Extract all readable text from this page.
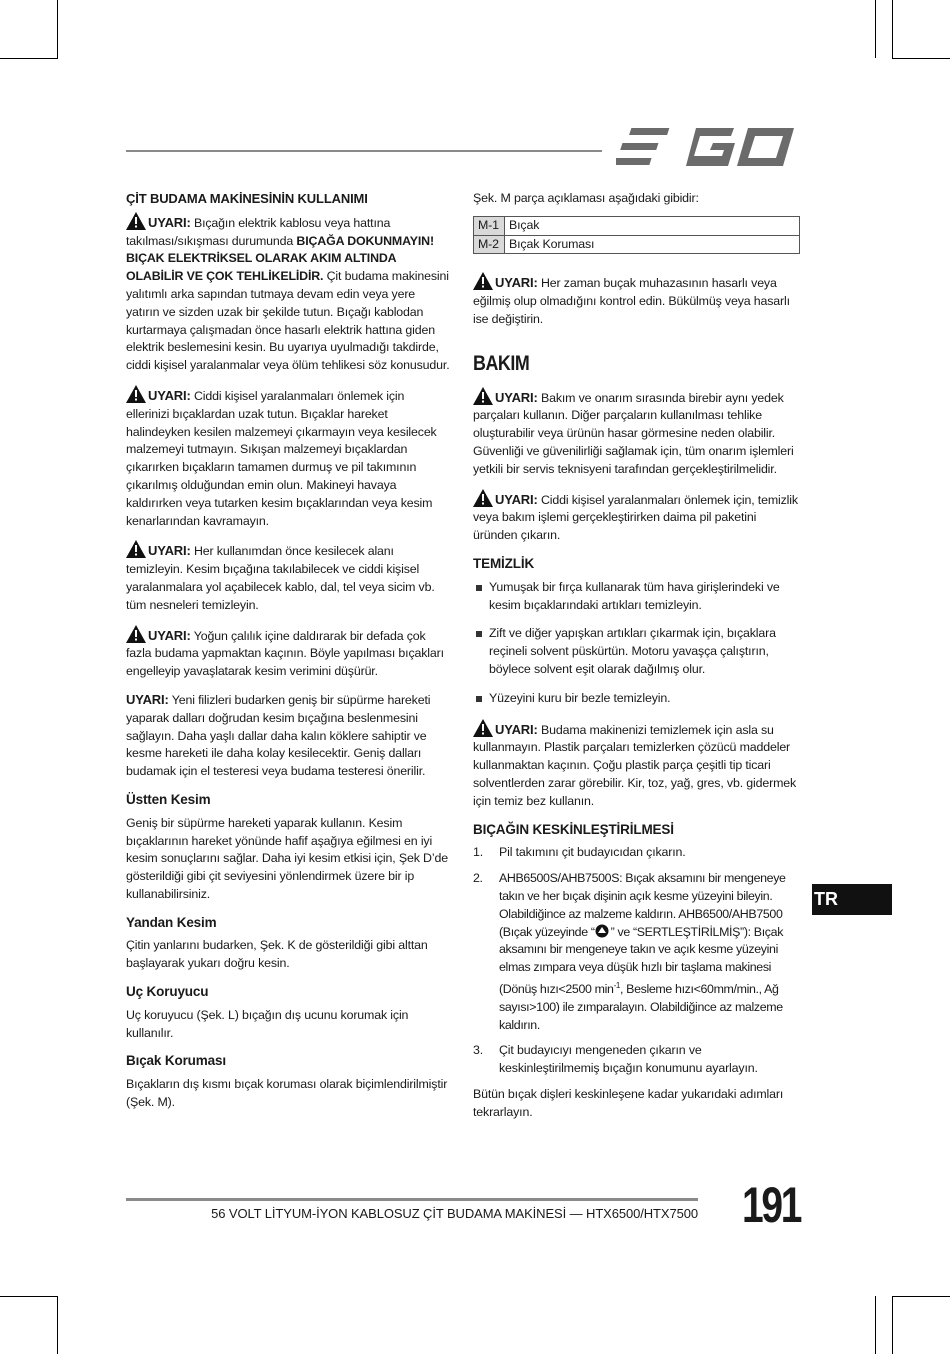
ÇİT BUDAMA MAKİNESİNİN KULLANIMI

UYARI: Bıçağın elektrik kablosu veya hattına takılması/sıkışması durumunda BIÇAĞA DOKUNMAYIN! BIÇAK ELEKTRİKSEL OLARAK AKIM ALTINDA OLABİLİR VE ÇOK TEHLİKELİDİR. Çit budama makinesini yalıtımlı arka sapından tutmaya devam edin veya yere yatırın ve sizden uzak bir şekilde tutun. Bıçağı kablodan kurtarmaya çalışmadan önce hasarlı elektrik hattına giden elektrik beslemesini kesin. Bu uyarıya uyulmadığı takdirde, ciddi kişisel yaralanmalar veya ölüm tehlikesi söz konusudur.

UYARI: Ciddi kişisel yaralanmaları önlemek için ellerinizi bıçaklardan uzak tutun. Bıçaklar hareket halindeyken kesilen malzemeyi çıkarmayın veya kesilecek malzemeyi tutmayın. Sıkışan malzemeyi bıçaklardan çıkarırken bıçakların tamamen durmuş ve pil takımının çıkarılmış olduğundan emin olun. Makineyi havaya kaldırırken veya tutarken kesim bıçaklarından veya kesim kenarlarından kavramayın.

UYARI: Her kullanımdan önce kesilecek alanı temizleyin. Kesim bıçağına takılabilecek ve ciddi kişisel yaralanmalara yol açabilecek kablo, dal, tel veya sicim vb. tüm nesneleri temizleyin.

UYARI: Yoğun çalılık içine daldırarak bir defada çok fazla budama yapmaktan kaçının. Böyle yapılması bıçakları engelleyip yavaşlatarak kesim verimini düşürür.

UYARI: Yeni filizleri budarken geniş bir süpürme hareketi yaparak dalları doğrudan kesim bıçağına beslenmesini sağlayın. Daha yaşlı dallar daha kalın köklere sahiptir ve kesme hareketi ile daha kolay kesilecektir. Geniş dalları budamak için el testeresi veya budama testeresi önerilir.

Üstten Kesim

Geniş bir süpürme hareketi yaparak kullanın. Kesim bıçaklarının hareket yönünde hafif aşağıya eğilmesi en iyi kesim sonuçlarını sağlar. Daha iyi kesim etkisi için, Şek D’de gösterildiği gibi çit seviyesini yönlendirmek üzere bir ip kullanabilirsiniz.

Yandan Kesim

Çitin yanlarını budarken, Şek. K de gösterildiği gibi alttan başlayarak yukarı doğru kesin.

Uç Koruyucu

Uç koruyucu (Şek. L) bıçağın dış ucunu korumak için kullanılır.

Bıçak Koruması

Bıçakların dış kısmı bıçak koruması olarak biçimlendirilmiştir (Şek. M).

Şek. M parça açıklaması aşağıdaki gibidir:

M-1	Bıçak
M-2	Bıçak Koruması

UYARI: Her zaman buçak muhazasının hasarlı veya eğilmiş olup olmadığını kontrol edin. Bükülmüş veya hasarlı ise değiştirin.

BAKIM

UYARI: Bakım ve onarım sırasında birebir aynı yedek parçaları kullanın. Diğer parçaların kullanılması tehlike oluşturabilir veya ürünün hasar görmesine neden olabilir. Güvenliği ve güvenilirliği sağlamak için, tüm onarım işlemleri yetkili bir servis teknisyeni tarafından gerçekleştirilmelidir.

UYARI: Ciddi kişisel yaralanmaları önlemek için, temizlik veya bakım işlemi gerçekleştirirken daima pil paketini üründen çıkarın.

TEMİZLİK
Yumuşak bir fırça kullanarak tüm hava girişlerindeki ve kesim bıçaklarındaki artıkları temizleyin.
Zift ve diğer yapışkan artıkları çıkarmak için, bıçaklara reçineli solvent püskürtün. Motoru yavaşça çalıştırın, böylece solvent eşit olarak dağılmış olur.
Yüzeyini kuru bir bezle temizleyin.

UYARI: Budama makinenizi temizlemek için asla su kullanmayın. Plastik parçaları temizlerken çözücü maddeler kullanmaktan kaçının. Çoğu plastik parça çeşitli tip ticari solventlerden zarar görebilir. Kir, toz, yağ, gres, vb. gidermek için temiz bez kullanın.

BIÇAĞIN KESKİNLEŞTİRİLMESİ
1. Pil takımını çit budayıcıdan çıkarın.
2. AHB6500S/AHB7500S: Bıçak aksamını bir mengeneye takın ve her bıçak dişinin açık kesme yüzeyini bileyin. Olabildiğince az malzeme kaldırın. AHB6500/AHB7500 (Bıçak yüzeyinde “ ” ve “SERTLEŞTİRİLMİŞ”): Bıçak aksamını bir mengeneye takın ve açık kesme yüzeyini elmas zımpara veya düşük hızlı bir taşlama makinesi (Dönüş hızı<2500 $\min^{-1}$, Besleme hızı<60mm/min., Ağ sayısı>100) ile zımparalayın. Olabildiğince az malzeme kaldırın.
3. Çit budayıcıyı mengeneden çıkarın ve keskinleştirilmemiş bıçağın konumunu ayarlayın.

Bütün bıçak dişleri keskinleşene kadar yukarıdaki adımları tekrarlayın.

TR
56 VOLT LİTYUM-İYON KABLOSUZ ÇİT BUDAMA MAKİNESİ — HTX6500/HTX7500 191
